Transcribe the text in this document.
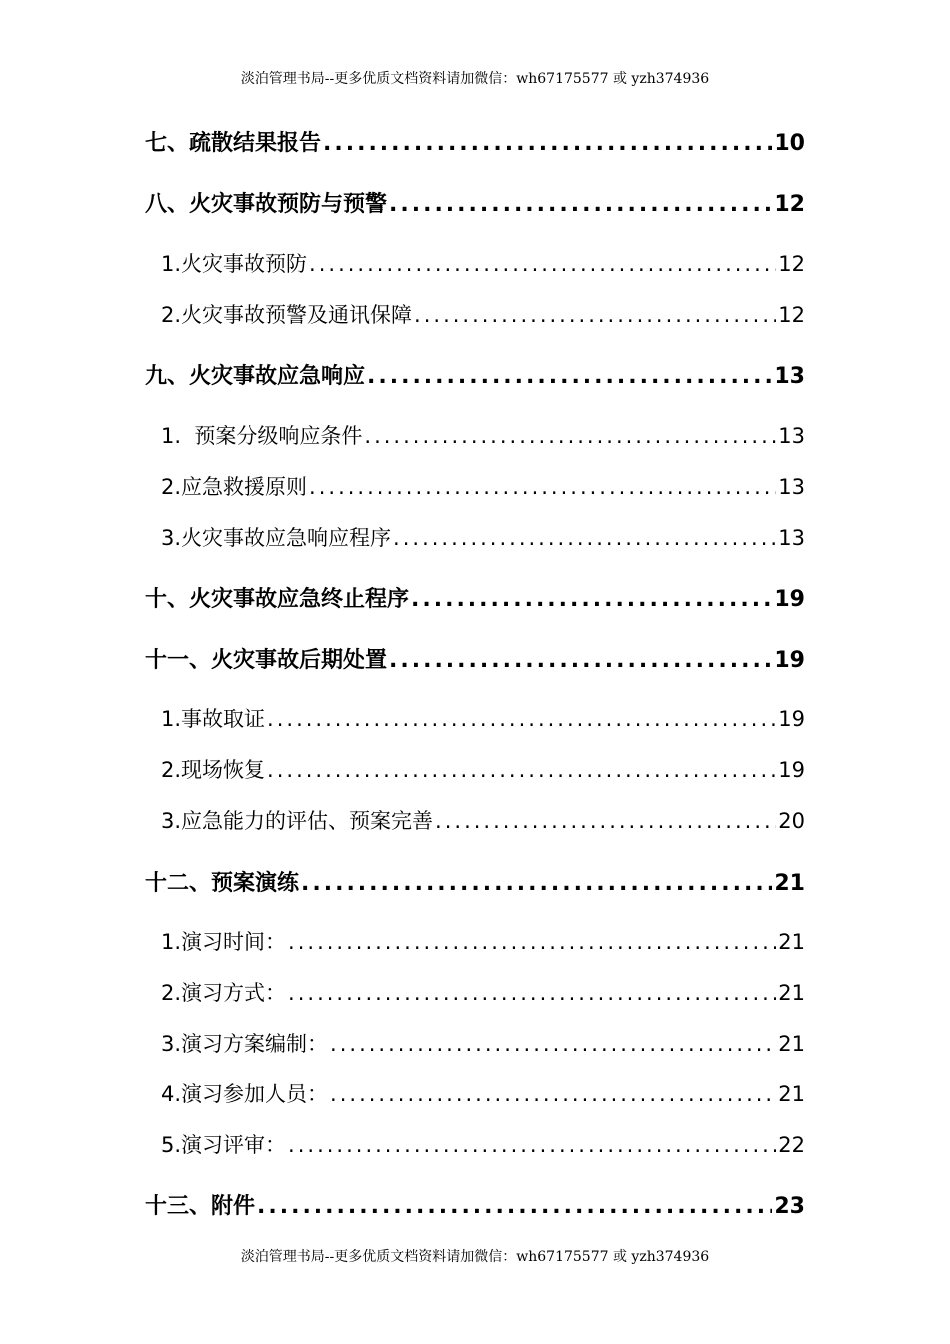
淡泊管理书局--更多优质文档资料请加微信：wh67175577 或 yzh374936
七、疏散结果报告 .....	10
八、火灾事故预防与预警 .....	12
1.火灾事故预防 .....	12
2.火灾事故预警及通讯保障 .....	12
九、火灾事故应急响应 .....	13
1.  预案分级响应条件 .....	13
2.应急救援原则 .....	13
3.火灾事故应急响应程序 .....	13
十、火灾事故应急终止程序 .....	19
十一、火灾事故后期处置 .....	19
1.事故取证 .....	19
2.现场恢复 .....	19
3.应急能力的评估、预案完善 .....	20
十二、预案演练 .....	21
1.演习时间： .....	21
2.演习方式： .....	21
3.演习方案编制： .....	21
4.演习参加人员： .....	21
5.演习评审： .....	22
十三、附件 .....	23
淡泊管理书局--更多优质文档资料请加微信：wh67175577 或 yzh374936
